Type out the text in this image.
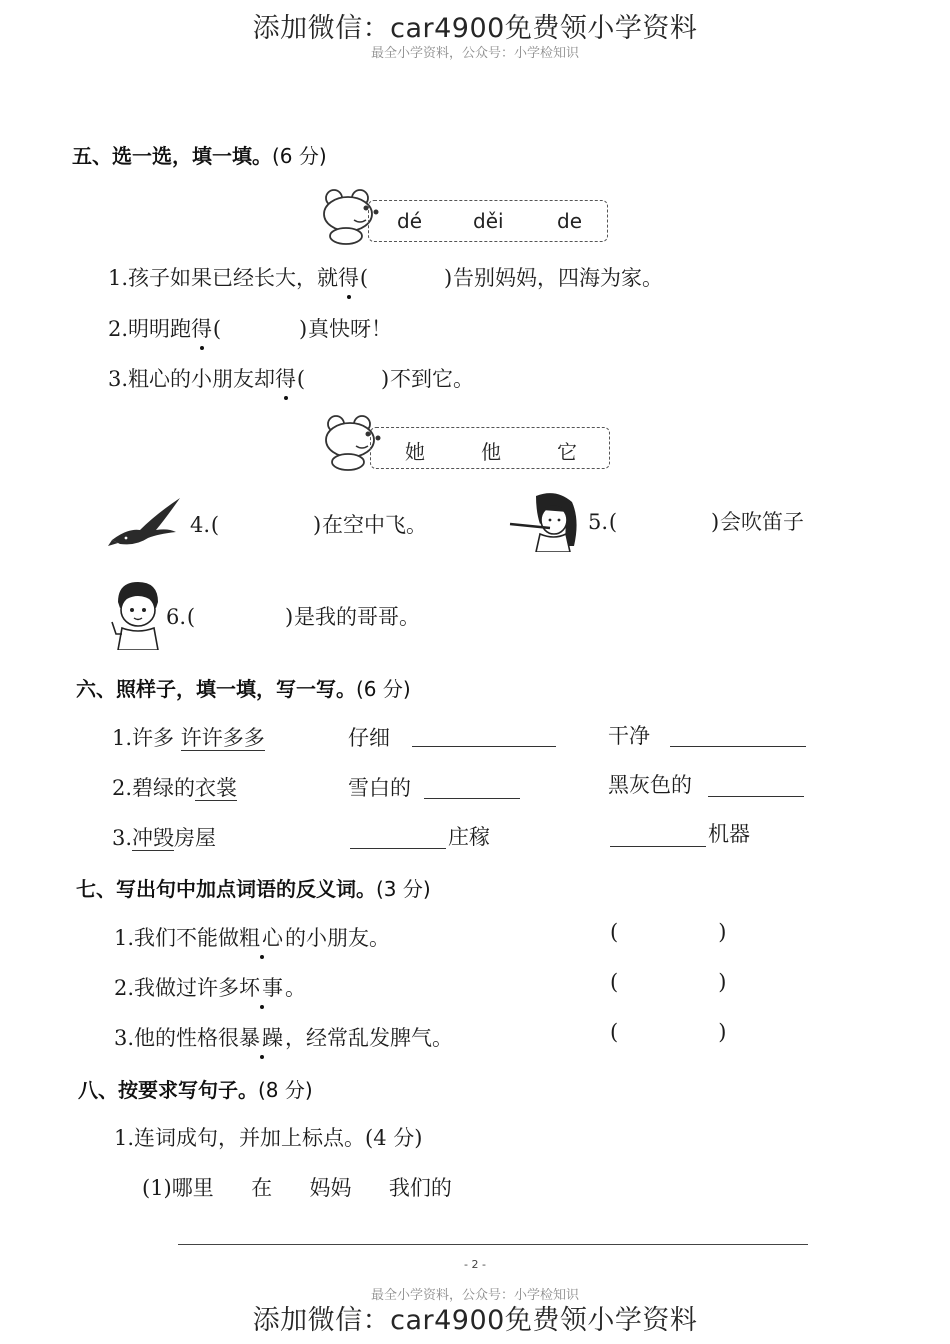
添加微信：car4900免费领小学资料
最全小学资料，公众号：小学检知识
五、选一选，填一填。(6 分)
dé	děi	de
1.孩子如果已经长大，就得(	)告别妈妈，四海为家。
2.明明跑得(	)真快呀！
3.粗心的小朋友却得(	)不到它。
她	他	它
4.(	)在空中飞。	5.(	)会吹笛子
6.(	)是我的哥哥。
六、照样子，填一填，写一写。(6 分)
1.许多 许许多多	仔细	干净
2.碧绿的衣裳	雪白的	黑灰色的
3.冲毁房屋	庄稼	机器
七、写出句中加点词语的反义词。(3 分)
1.我们不能做粗心的小朋友。	(	)
2.我做过许多坏事。	(	)
3.他的性格很暴躁，经常乱发脾气。	(	)
八、按要求写句子。(8 分)
1.连词成句，并加上标点。(4 分)
(1)哪里 在 妈妈 我们的
- 2 -
最全小学资料，公众号：小学检知识
添加微信：car4900免费领小学资料
